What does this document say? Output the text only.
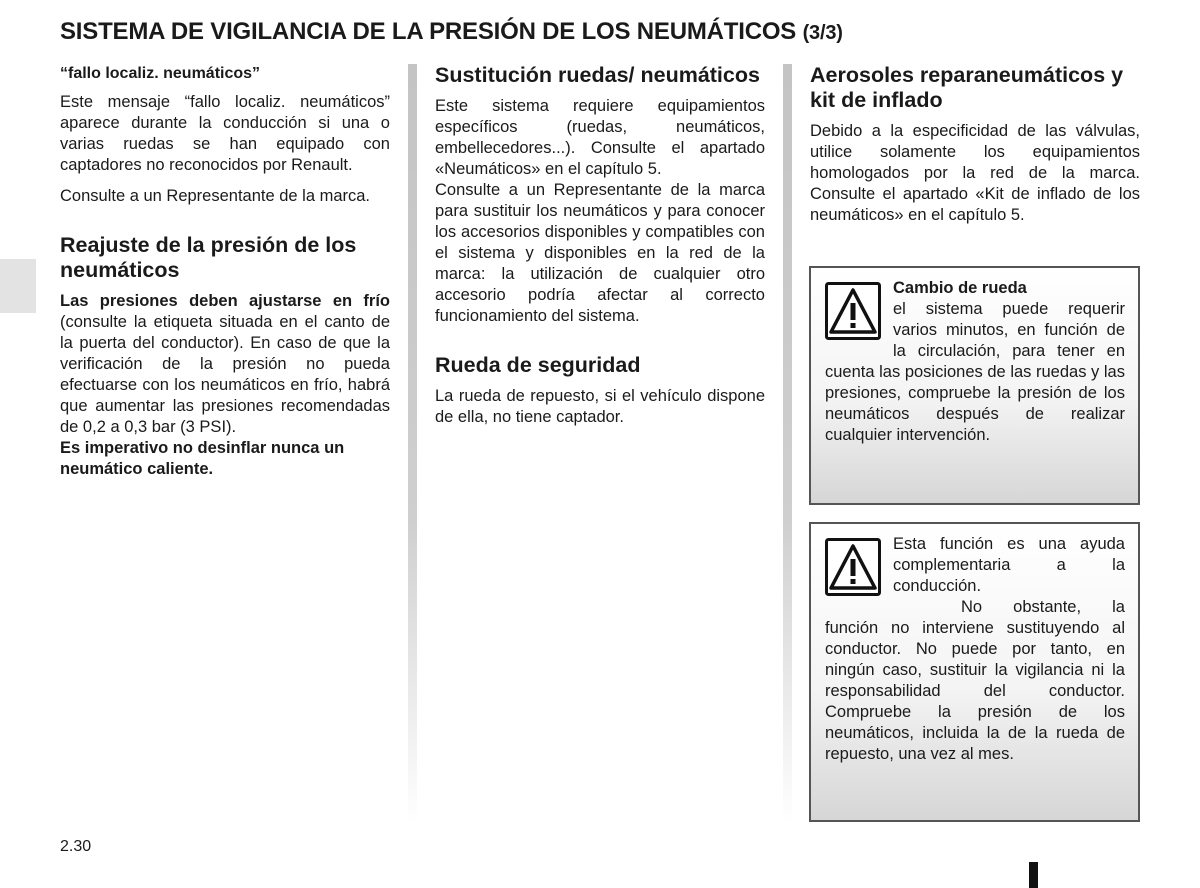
SISTEMA DE VIGILANCIA DE LA PRESIÓN DE LOS NEUMÁTICOS (3/3)
“fallo localiz. neumáticos”

Este mensaje “fallo localiz. neumáticos” aparece durante la conducción si una o varias ruedas se han equipado con captadores no reconocidos por Renault.

Consulte a un Representante de la marca.

Reajuste de la presión de los neumáticos

Las presiones deben ajustarse en frío (consulte la etiqueta situada en el canto de la puerta del conductor). En caso de que la verificación de la presión no pueda efectuarse con los neumáticos en frío, habrá que aumentar las presiones recomendadas de 0,2 a 0,3 bar (3 PSI).

Es imperativo no desinflar nunca un neumático caliente.

Sustitución ruedas/ neumáticos

Este sistema requiere equipamientos específicos (ruedas, neumáticos, embellecedores...). Consulte el apartado «Neumáticos» en el capítulo 5.

Consulte a un Representante de la marca para sustituir los neumáticos y para conocer los accesorios disponibles y compatibles con el sistema y disponibles en la red de la marca: la utilización de cualquier otro accesorio podría afectar al correcto funcionamiento del sistema.

Rueda de seguridad

La rueda de repuesto, si el vehículo dispone de ella, no tiene captador.

Aerosoles reparaneumáticos y kit de inflado

Debido a la especificidad de las válvulas, utilice solamente los equipamientos homologados por la red de la marca. Consulte el apartado «Kit de inflado de los neumáticos» en el capítulo 5.

Cambio de rueda

el sistema puede requerir varios minutos, en función de la circulación, para tener en cuenta las posiciones de las ruedas y las presiones, compruebe la presión de los neumáticos después de realizar cualquier intervención.

Esta función es una ayuda complementaria a la conducción.

No obstante, la función no interviene sustituyendo al conductor. No puede por tanto, en ningún caso, sustituir la vigilancia ni la responsabilidad del conductor. Compruebe la presión de los neumáticos, incluida la de la rueda de repuesto, una vez al mes.

2.30
